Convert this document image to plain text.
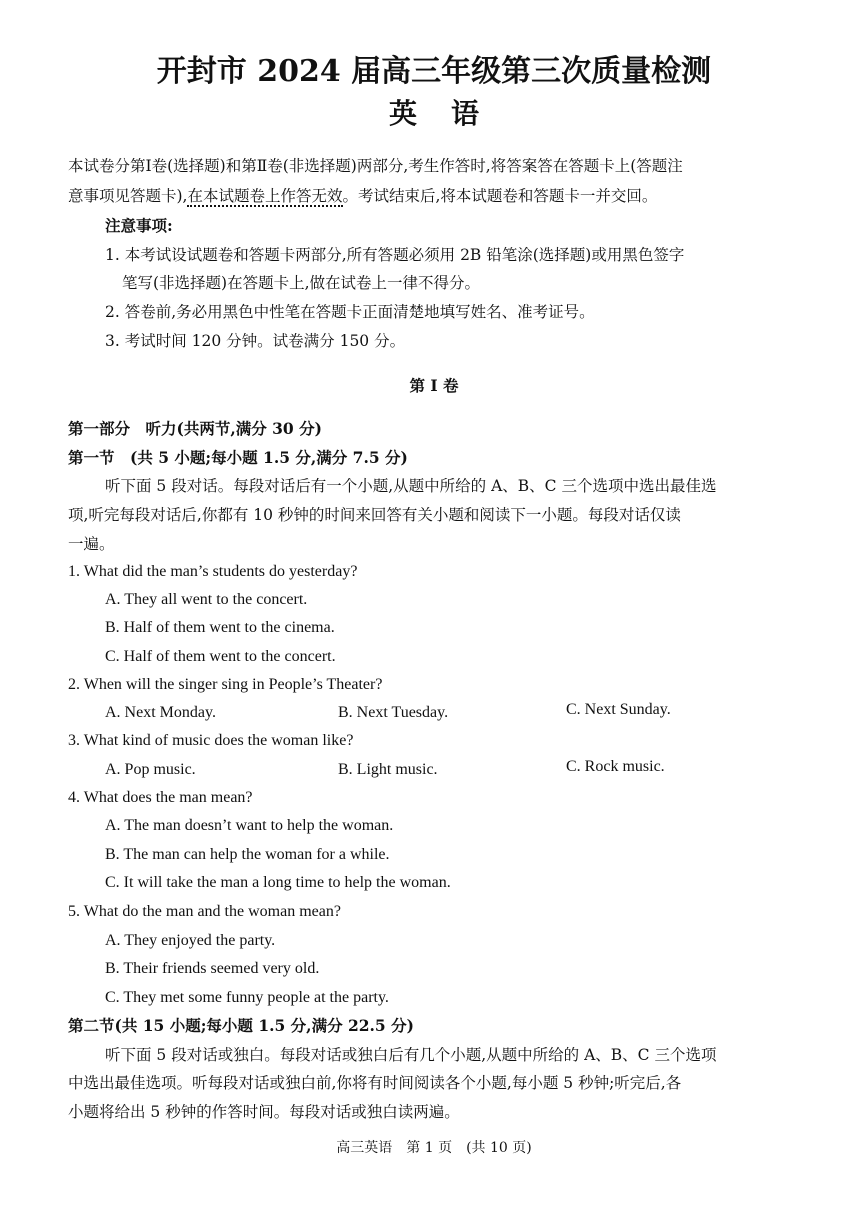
开封市 2024 届高三年级第三次质量检测
英语
本试卷分第Ⅰ卷(选择题)和第Ⅱ卷(非选择题)两部分,考生作答时,将答案答在答题卡上(答题注
意事项见答题卡),在本试题卷上作答无效。考试结束后,将本试题卷和答题卡一并交回。
注意事项:
1. 本考试设试题卷和答题卡两部分,所有答题必须用 2B 铅笔涂(选择题)或用黑色签字
笔写(非选择题)在答题卡上,做在试卷上一律不得分。
2. 答卷前,务必用黑色中性笔在答题卡正面清楚地填写姓名、准考证号。
3. 考试时间 120 分钟。试卷满分 150 分。
第 I 卷
第一部分　听力(共两节,满分 30 分)
第一节　(共 5 小题;每小题 1.5 分,满分 7.5 分)
听下面 5 段对话。每段对话后有一个小题,从题中所给的 A、B、C 三个选项中选出最佳选
项,听完每段对话后,你都有 10 秒钟的时间来回答有关小题和阅读下一小题。每段对话仅读
一遍。
1. What did the man’s students do yesterday?
A. They all went to the concert.
B. Half of them went to the cinema.
C. Half of them went to the concert.
2. When will the singer sing in People’s Theater?
A. Next Monday.	B. Next Tuesday.	C. Next Sunday.
3. What kind of music does the woman like?
A. Pop music.	B. Light music.	C. Rock music.
4. What does the man mean?
A. The man doesn’t want to help the woman.
B. The man can help the woman for a while.
C. It will take the man a long time to help the woman.
5. What do the man and the woman mean?
A. They enjoyed the party.
B. Their friends seemed very old.
C. They met some funny people at the party.
第二节(共 15 小题;每小题 1.5 分,满分 22.5 分)
听下面 5 段对话或独白。每段对话或独白后有几个小题,从题中所给的 A、B、C 三个选项
中选出最佳选项。听每段对话或独白前,你将有时间阅读各个小题,每小题 5 秒钟;听完后,各
小题将给出 5 秒钟的作答时间。每段对话或独白读两遍。
高三英语　第 1 页　(共 10 页)
